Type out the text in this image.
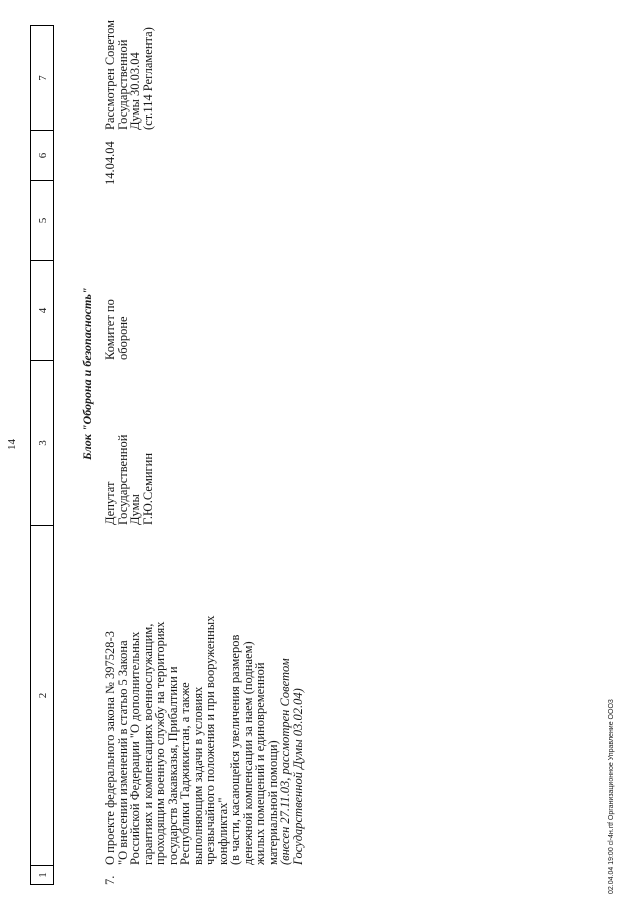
14
1
2
3
4
5
6
7
Блок "Оборона и безопасность"
7.
О проекте федерального закона № 397528-3
"О внесении изменений в статью 5 Закона
Российской Федерации "О дополнительных
гарантиях и компенсациях военнослужащим,
проходящим военную службу на территориях
государств Закавказья, Прибалтики и
Республики Таджикистан, а также
выполняющим задачи в условиях
чрезвычайного положения и при вооруженных
конфликтах"
(в части, касающейся увеличения размеров
денежной компенсации за наем (поднаем)
жилых помещений и единовременной
материальной помощи)
(внесен 27.11.03, рассмотрен Советом
Государственной Думы 03.02.04)
Депутат
Государственной
Думы
Г.Ю.Семигин
Комитет по
обороне
14.04.04
Рассмотрен Советом
Государственной
Думы 30.03.04
(ст.114 Регламента)
02.04.04 19:00 cl-4н.rtf Организационное Управление ООО3
